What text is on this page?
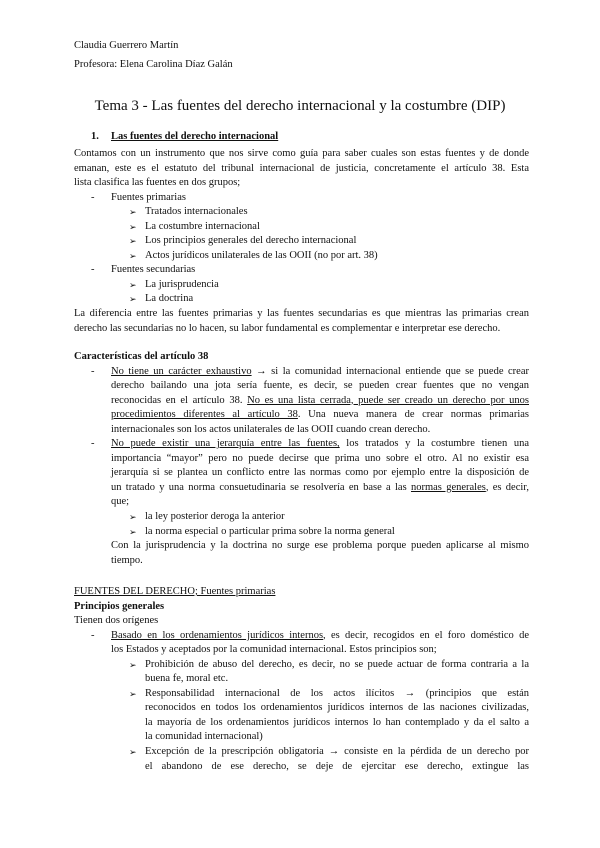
Claudia Guerrero Martín
Profesora: Elena Carolina Díaz Galán
Tema 3 - Las fuentes del derecho internacional y la costumbre (DIP)
1. Las fuentes del derecho internacional
Contamos con un instrumento que nos sirve como guía para saber cuales son estas fuentes y de donde
emanan, este es el estatuto del tribunal internacional de justicia, concretamente el artículo 38. Esta
lista clasifica las fuentes en dos grupos;
- Fuentes primarias
➢ Tratados internacionales
➢ La costumbre internacional
➢ Los principios generales del derecho internacional
➢ Actos jurídicos unilaterales de las OOII (no por art. 38)
- Fuentes secundarias
➢ La jurisprudencia
➢ La doctrina
La diferencia entre las fuentes primarias y las fuentes secundarias es que mientras las primarias crean
derecho las secundarias no lo hacen, su labor fundamental es complementar e interpretar ese derecho.
Características del artículo 38
- No tiene un carácter exhaustivo → si la comunidad internacional entiende que se puede crear
derecho bailando una jota sería fuente, es decir, se pueden crear fuentes que no vengan
reconocidas en el artículo 38. No es una lista cerrada, puede ser creado un derecho por unos
procedimientos diferentes al artículo 38. Una nueva manera de crear normas primarias
internacionales son los actos unilaterales de las OOII cuando crean derecho.
- No puede existir una jerarquía entre las fuentes, los tratados y la costumbre tienen una
importancia “mayor” pero no puede decirse que prima uno sobre el otro. Al no existir esa
jerarquía si se plantea un conflicto entre las normas como por ejemplo entre la disposición de
un tratado y una norma consuetudinaria se resolvería en base a las normas generales, es decir,
que;
➢ la ley posterior deroga la anterior
➢ la norma especial o particular prima sobre la norma general
Con la jurisprudencia y la doctrina no surge ese problema porque pueden aplicarse al mismo
tiempo.
FUENTES DEL DERECHO; Fuentes primarias
Principios generales
Tienen dos orígenes
- Basado en los ordenamientos jurídicos internos, es decir, recogidos en el foro doméstico de
los Estados y aceptados por la comunidad internacional. Estos principios son;
➢ Prohibición de abuso del derecho, es decir, no se puede actuar de forma contraria a la
buena fe, moral etc.
➢ Responsabilidad internacional de los actos ilícitos → (principios que están
reconocidos en todos los ordenamientos jurídicos internos de las naciones civilizadas,
la mayoría de los ordenamientos jurídicos internos lo han contemplado y da el salto a
la comunidad internacional)
➢ Excepción de la prescripción obligatoria → consiste en la pérdida de un derecho por
el abandono de ese derecho, se deje de ejercitar ese derecho, extingue las
